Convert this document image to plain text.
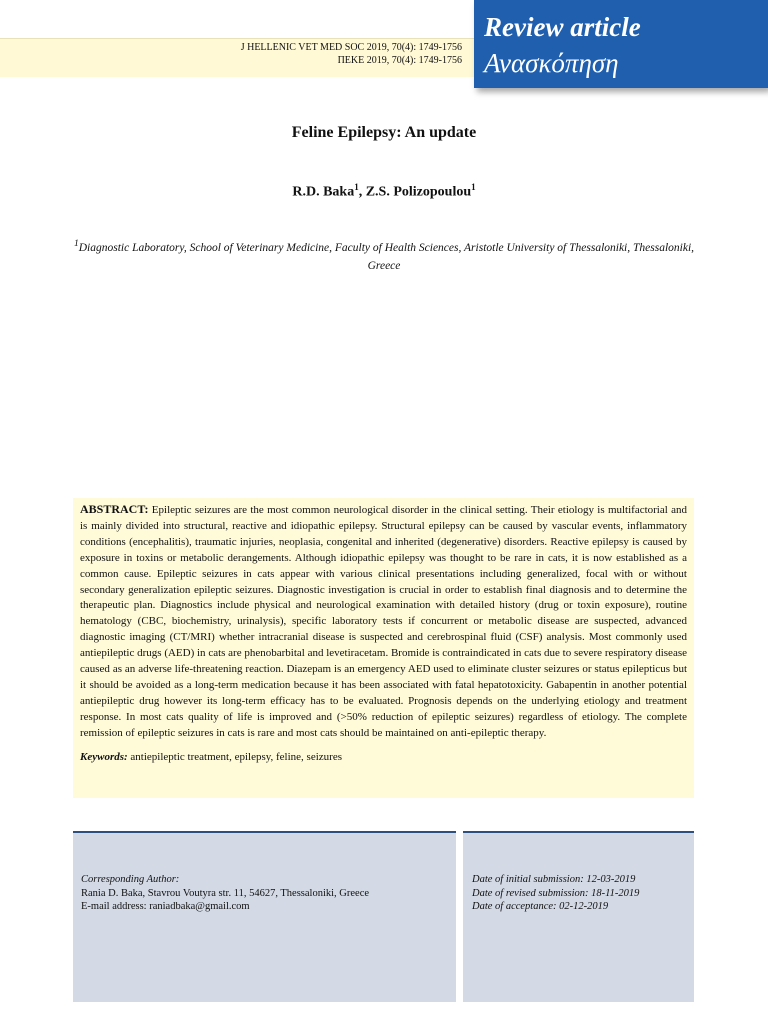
J HELLENIC VET MED SOC 2019, 70(4): 1749-1756
ΠΕΚΕ 2019, 70(4): 1749-1756
Review article
Ανασκόπηση
Feline Epilepsy: An update
R.D. Baka$^1$, Z.S. Polizopoulou$^1$
$^1$Diagnostic Laboratory, School of Veterinary Medicine, Faculty of Health Sciences, Aristotle University of Thessaloniki, Thessaloniki, Greece

ABSTRACT: Epileptic seizures are the most common neurological disorder in the clinical setting. Their etiology is multifactorial and is mainly divided into structural, reactive and idiopathic epilepsy. Structural epilepsy can be caused by vascular events, inflammatory conditions (encephalitis), traumatic injuries, neoplasia, congenital and inherited (degenerative) disorders. Reactive epilepsy is caused by exposure in toxins or metabolic derangements. Although idiopathic epilepsy was thought to be rare in cats, it is now established as a common cause. Epileptic seizures in cats appear with various clinical presentations including generalized, focal with or without secondary generalization epileptic seizures. Diagnostic investigation is crucial in order to establish final diagnosis and to determine the therapeutic plan. Diagnostics include physical and neurological examination with detailed history (drug or toxin exposure), routine hematology (CBC, biochemistry, urinalysis), specific laboratory tests if concurrent or metabolic disease are suspected, advanced diagnostic imaging (CT/MRI) whether intracranial disease is suspected and cerebrospinal fluid (CSF) analysis. Most commonly used antiepileptic drugs (AED) in cats are phenobarbital and levetiracetam. Bromide is contraindicated in cats due to severe respiratory disease caused as an adverse life-threatening reaction. Diazepam is an emergency AED used to eliminate cluster seizures or status epilepticus but it should be avoided as a long-term medication because it has been associated with fatal hepatotoxicity. Gabapentin in another potential antiepileptic drug however its long-term efficacy has to be evaluated. Prognosis depends on the underlying etiology and treatment response. In most cats quality of life is improved and (>50% reduction of epileptic seizures) regardless of etiology. The complete remission of epileptic seizures in cats is rare and most cats should be maintained on anti-epileptic therapy.

Keywords: antiepileptic treatment, epilepsy, feline, seizures
Corresponding Author:
Rania D. Baka, Stavrou Voutyra str. 11, 54627, Thessaloniki, Greece
E-mail address: raniadbaka@gmail.com
Date of initial submission: 12-03-2019
Date of revised submission: 18-11-2019
Date of acceptance: 02-12-2019
